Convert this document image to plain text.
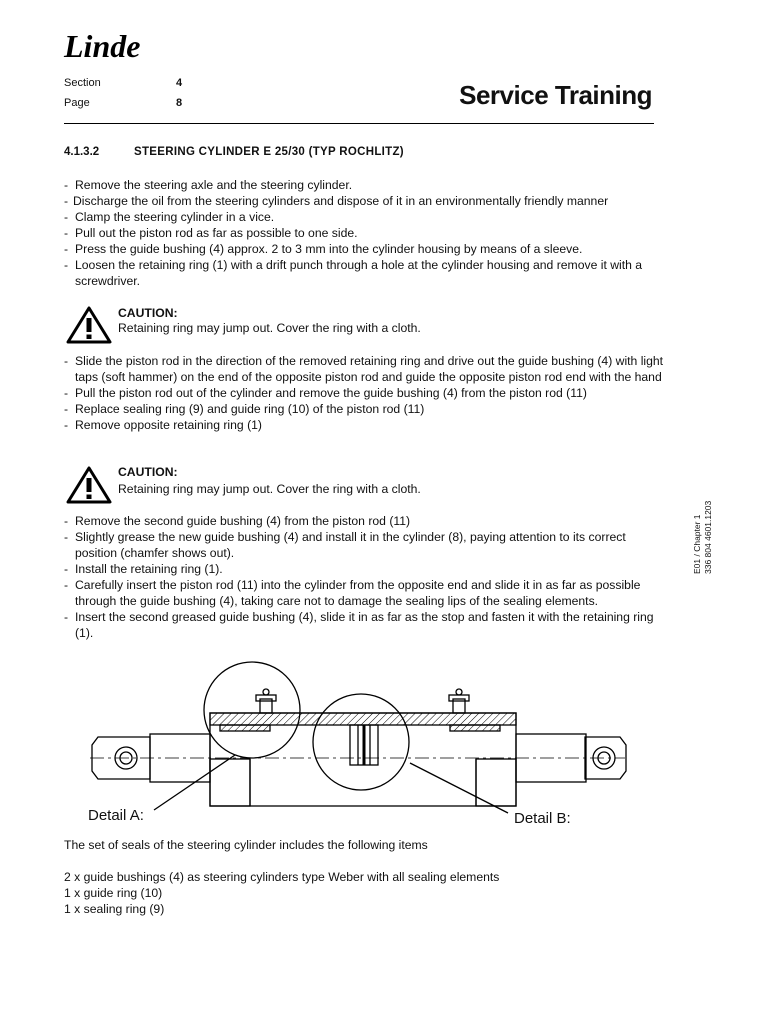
Linde
Section	4
Page	8	Service Training
4.1.3.2	STEERING CYLINDER E 25/30 (TYP ROCHLITZ)
- Remove the steering axle and the steering cylinder.
- Discharge the oil from the steering cylinders and dispose of it in an environmentally friendly manner
- Clamp the steering cylinder in a vice.
- Pull out the piston rod as far as possible to one side.
- Press the guide bushing (4) approx. 2 to 3 mm into the cylinder housing by means of a sleeve.
- Loosen the retaining ring (1) with a drift punch through a hole at the cylinder housing and remove it with a screwdriver.
CAUTION:
Retaining ring may jump out. Cover the ring with a cloth.
- Slide the piston rod in the direction of the removed retaining ring and drive out the guide bushing (4) with light taps (soft hammer) on the end of the opposite piston rod and guide the opposite piston rod end with the hand
- Pull the piston rod out of the cylinder and remove the guide bushing (4) from the piston rod (11)
- Replace sealing ring (9) and guide ring (10) of the piston rod (11)
- Remove opposite retaining ring (1)
CAUTION:
Retaining ring may jump out. Cover the ring with a cloth.
- Remove the second guide bushing (4) from the piston rod (11)
- Slightly grease the new guide bushing (4) and install it in the cylinder (8), paying attention to its correct position (chamfer shows out).
- Install the retaining ring (1).
- Carefully insert the piston rod (11) into the cylinder from the opposite end and slide it in as far as possible through the guide bushing (4), taking care not to damage the sealing lips of the sealing elements.
- Insert the second greased guide bushing (4), slide it in as far as the stop and fasten it with the retaining ring (1).
E01 / Chapter 1 336 804 4601.1203
Detail A:	Detail B:
The set of seals of the steering cylinder includes the following items
2 x guide bushings (4) as steering cylinders type Weber with all sealing elements
1 x guide ring (10)
1 x sealing ring (9)
